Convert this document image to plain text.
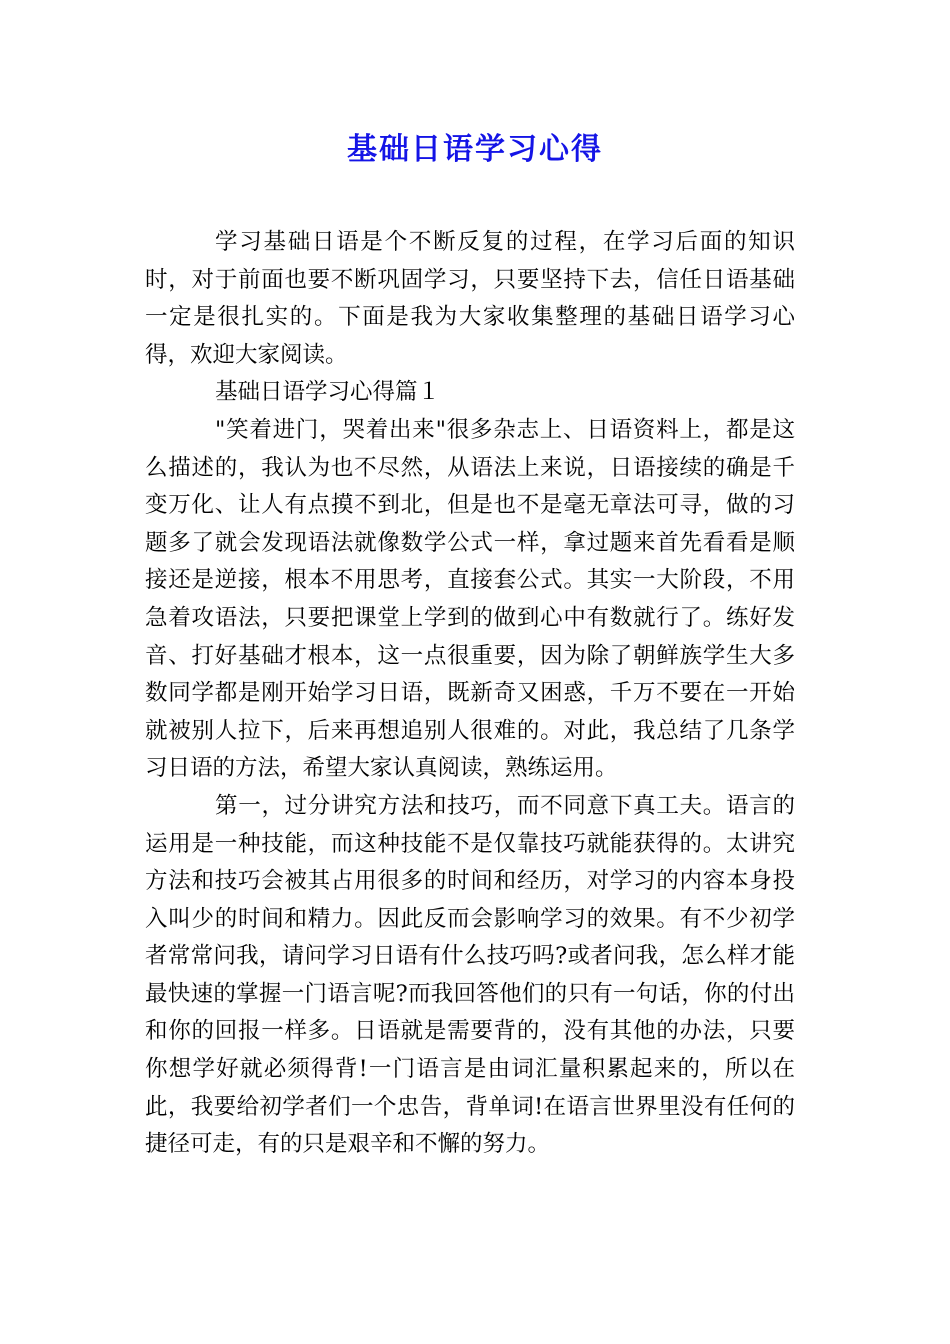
基础日语学习心得

学习基础日语是个不断反复的过程，在学习后面的知识时，对于前面也要不断巩固学习，只要坚持下去，信任日语基础一定是很扎实的。下面是我为大家收集整理的基础日语学习心得，欢迎大家阅读。

基础日语学习心得篇１

"笑着进门，哭着出来"很多杂志上、日语资料上，都是这么描述的，我认为也不尽然，从语法上来说，日语接续的确是千变万化、让人有点摸不到北，但是也不是毫无章法可寻，做的习题多了就会发现语法就像数学公式一样，拿过题来首先看看是顺接还是逆接，根本不用思考，直接套公式。其实一大阶段，不用急着攻语法，只要把课堂上学到的做到心中有数就行了。练好发音、打好基础才根本，这一点很重要，因为除了朝鲜族学生大多数同学都是刚开始学习日语，既新奇又困惑，千万不要在一开始就被别人拉下，后来再想追别人很难的。对此，我总结了几条学习日语的方法，希望大家认真阅读，熟练运用。

第一，过分讲究方法和技巧，而不同意下真工夫。语言的运用是一种技能，而这种技能不是仅靠技巧就能获得的。太讲究方法和技巧会被其占用很多的时间和经历，对学习的内容本身投入叫少的时间和精力。因此反而会影响学习的效果。有不少初学者常常问我，请问学习日语有什么技巧吗?或者问我，怎么样才能最快速的掌握一门语言呢?而我回答他们的只有一句话，你的付出和你的回报一样多。日语就是需要背的，没有其他的办法，只要你想学好就必须得背!一门语言是由词汇量积累起来的，所以在此，我要给初学者们一个忠告，背单词!在语言世界里没有任何的捷径可走，有的只是艰辛和不懈的努力。
